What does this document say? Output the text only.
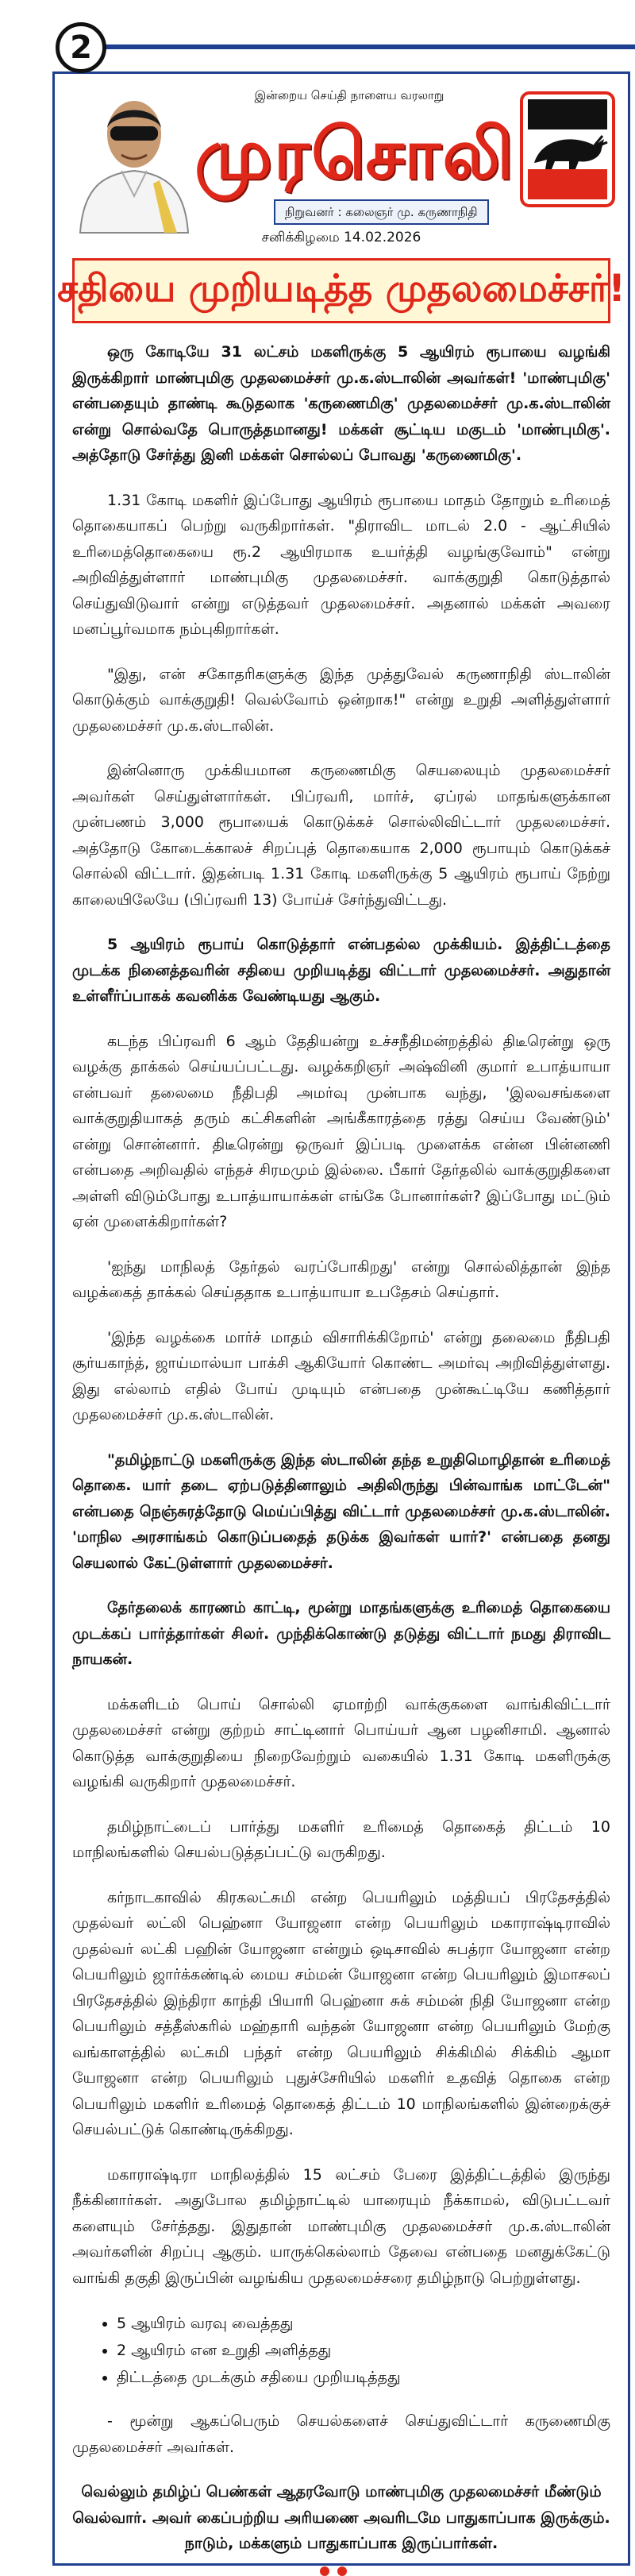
2
இன்றைய செய்தி நாளைய வரலாறு
முரசொலி
நிறுவனர் : கலைஞர் மு. கருணாநிதி
சனிக்கிழமை 14.02.2026
சதியை முறியடித்த முதலமைச்சர்!

ஒரு கோடியே 31 லட்சம் மகளிருக்கு 5 ஆயிரம் ரூபாயை வழங்கி இருக்கிறார் மாண்புமிகு முதலமைச்சர் மு.க.ஸ்டாலின் அவர்கள்! 'மாண்புமிகு' என்பதையும் தாண்டி கூடுதலாக 'கருணைமிகு' முதலமைச்சர் மு.க.ஸ்டாலின் என்று சொல்வதே பொருத்தமானது! மக்கள் சூட்டிய மகுடம் 'மாண்புமிகு'. அத்தோடு சேர்த்து இனி மக்கள் சொல்லப் போவது 'கருணைமிகு'.

1.31 கோடி மகளிர் இப்போது ஆயிரம் ரூபாயை மாதம் தோறும் உரிமைத் தொகையாகப் பெற்று வருகிறார்கள். "திராவிட மாடல் 2.0 - ஆட்சியில் உரிமைத்தொகையை ரூ.2 ஆயிரமாக உயர்த்தி வழங்குவோம்" என்று அறிவித்துள்ளார் மாண்புமிகு முதலமைச்சர். வாக்குறுதி கொடுத்தால் செய்துவிடுவார் என்று எடுத்தவர் முதலமைச்சர். அதனால் மக்கள் அவரை மனப்பூர்வமாக நம்புகிறார்கள்.

"இது, என் சகோதரிகளுக்கு இந்த முத்துவேல் கருணாநிதி ஸ்டாலின் கொடுக்கும் வாக்குறுதி! வெல்வோம் ஒன்றாக!" என்று உறுதி அளித்துள்ளார் முதலமைச்சர் மு.க.ஸ்டாலின்.

இன்னொரு முக்கியமான கருணைமிகு செயலையும் முதலமைச்சர் அவர்கள் செய்துள்ளார்கள். பிப்ரவரி, மார்ச், ஏப்ரல் மாதங்களுக்கான முன்பணம் 3,000 ரூபாயைக் கொடுக்கச் சொல்லிவிட்டார் முதலமைச்சர். அத்தோடு கோடைக்காலச் சிறப்புத் தொகையாக 2,000 ரூபாயும் கொடுக்கச் சொல்லி விட்டார். இதன்படி 1.31 கோடி மகளிருக்கு 5 ஆயிரம் ரூபாய் நேற்று காலையிலேயே (பிப்ரவரி 13) போய்ச் சேர்ந்துவிட்டது.

5 ஆயிரம் ரூபாய் கொடுத்தார் என்பதல்ல முக்கியம். இத்திட்டத்தை முடக்க நினைத்தவரின் சதியை முறியடித்து விட்டார் முதலமைச்சர். அதுதான் உள்ளீர்ப்பாகக் கவனிக்க வேண்டியது ஆகும்.

கடந்த பிப்ரவரி 6 ஆம் தேதியன்று உச்சநீதிமன்றத்தில் திடீரென்று ஒரு வழக்கு தாக்கல் செய்யப்பட்டது. வழக்கறிஞர் அஷ்வினி குமார் உபாத்யாயா என்பவர் தலைமை நீதிபதி அமர்வு முன்பாக வந்து, 'இலவசங்களை வாக்குறுதியாகத் தரும் கட்சிகளின் அங்கீகாரத்தை ரத்து செய்ய வேண்டும்' என்று சொன்னார். திடீரென்று ஒருவர் இப்படி முளைக்க என்ன பின்னணி என்பதை அறிவதில் எந்தச் சிரமமும் இல்லை. பீகார் தேர்தலில் வாக்குறுதிகளை அள்ளி விடும்போது உபாத்யாயாக்கள் எங்கே போனார்கள்? இப்போது மட்டும் ஏன் முளைக்கிறார்கள்?

'ஐந்து மாநிலத் தேர்தல் வரப்போகிறது' என்று சொல்லித்தான் இந்த வழக்கைத் தாக்கல் செய்ததாக உபாத்யாயா உபதேசம் செய்தார்.

'இந்த வழக்கை மார்ச் மாதம் விசாரிக்கிறோம்' என்று தலைமை நீதிபதி சூர்யகாந்த், ஜாய்மால்யா பாக்சி ஆகியோர் கொண்ட அமர்வு அறிவித்துள்ளது. இது எல்லாம் எதில் போய் முடியும் என்பதை முன்கூட்டியே கணித்தார் முதலமைச்சர் மு.க.ஸ்டாலின்.

"தமிழ்நாட்டு மகளிருக்கு இந்த ஸ்டாலின் தந்த உறுதிமொழிதான் உரிமைத் தொகை. யார் தடை ஏற்படுத்தினாலும் அதிலிருந்து பின்வாங்க மாட்டேன்" என்பதை நெஞ்சுரத்தோடு மெய்ப்பித்து விட்டார் முதலமைச்சர் மு.க.ஸ்டாலின். 'மாநில அரசாங்கம் கொடுப்பதைத் தடுக்க இவர்கள் யார்?' என்பதை தனது செயலால் கேட்டுள்ளார் முதலமைச்சர்.

தேர்தலைக் காரணம் காட்டி, மூன்று மாதங்களுக்கு உரிமைத் தொகையை முடக்கப் பார்த்தார்கள் சிலர். முந்திக்கொண்டு தடுத்து விட்டார் நமது திராவிட நாயகன்.

மக்களிடம் பொய் சொல்லி ஏமாற்றி வாக்குகளை வாங்கிவிட்டார் முதலமைச்சர் என்று குற்றம் சாட்டினார் பொய்யர் ஆன பழனிசாமி. ஆனால் கொடுத்த வாக்குறுதியை நிறைவேற்றும் வகையில் 1.31 கோடி மகளிருக்கு வழங்கி வருகிறார் முதலமைச்சர்.

தமிழ்நாட்டைப் பார்த்து மகளிர் உரிமைத் தொகைத் திட்டம் 10 மாநிலங்களில் செயல்படுத்தப்பட்டு வருகிறது.

கர்நாடகாவில் கிரகலட்சுமி என்ற பெயரிலும் மத்தியப் பிரதேசத்தில் முதல்வர் லட்லி பெஹ்னா யோஜனா என்ற பெயரிலும் மகாராஷ்டிராவில் முதல்வர் லட்கி பஹின் யோஜனா என்றும் ஒடிசாவில் சுபத்ரா யோஜனா என்ற பெயரிலும் ஜார்க்கண்டில் மைய சம்மன் யோஜனா என்ற பெயரிலும் இமாசலப் பிரதேசத்தில் இந்திரா காந்தி பியாரி பெஹ்னா சுக் சம்மன் நிதி யோஜனா என்ற பெயரிலும் சத்தீஸ்கரில் மஹ்தாரி வந்தன் யோஜனா என்ற பெயரிலும் மேற்கு வங்காளத்தில் லட்சுமி பந்தர் என்ற பெயரிலும் சிக்கிமில் சிக்கிம் ஆமா யோஜனா என்ற பெயரிலும் புதுச்சேரியில் மகளிர் உதவித் தொகை என்ற பெயரிலும் மகளிர் உரிமைத் தொகைத் திட்டம் 10 மாநிலங்களில் இன்றைக்குச் செயல்பட்டுக் கொண்டிருக்கிறது.

மகாராஷ்டிரா மாநிலத்தில் 15 லட்சம் பேரை இத்திட்டத்தில் இருந்து நீக்கினார்கள். அதுபோல தமிழ்நாட்டில் யாரையும் நீக்காமல், விடுபட்டவர் களையும் சேர்த்தது. இதுதான் மாண்புமிகு முதலமைச்சர் மு.க.ஸ்டாலின் அவர்களின் சிறப்பு ஆகும். யாருக்கெல்லாம் தேவை என்பதை மனதுக்கேட்டு வாங்கி தகுதி இருப்பின் வழங்கிய முதலமைச்சரை தமிழ்நாடு பெற்றுள்ளது.

• 5 ஆயிரம் வரவு வைத்தது
• 2 ஆயிரம் என உறுதி அளித்தது
• திட்டத்தை முடக்கும் சதியை முறியடித்தது

- மூன்று ஆகப்பெரும் செயல்களைச் செய்துவிட்டார் கருணைமிகு முதலமைச்சர் அவர்கள்.

வெல்லும் தமிழ்ப் பெண்கள் ஆதரவோடு மாண்புமிகு முதலமைச்சர் மீண்டும் வெல்வார். அவர் கைப்பற்றிய அரியணை அவரிடமே பாதுகாப்பாக இருக்கும். நாடும், மக்களும் பாதுகாப்பாக இருப்பார்கள்.
